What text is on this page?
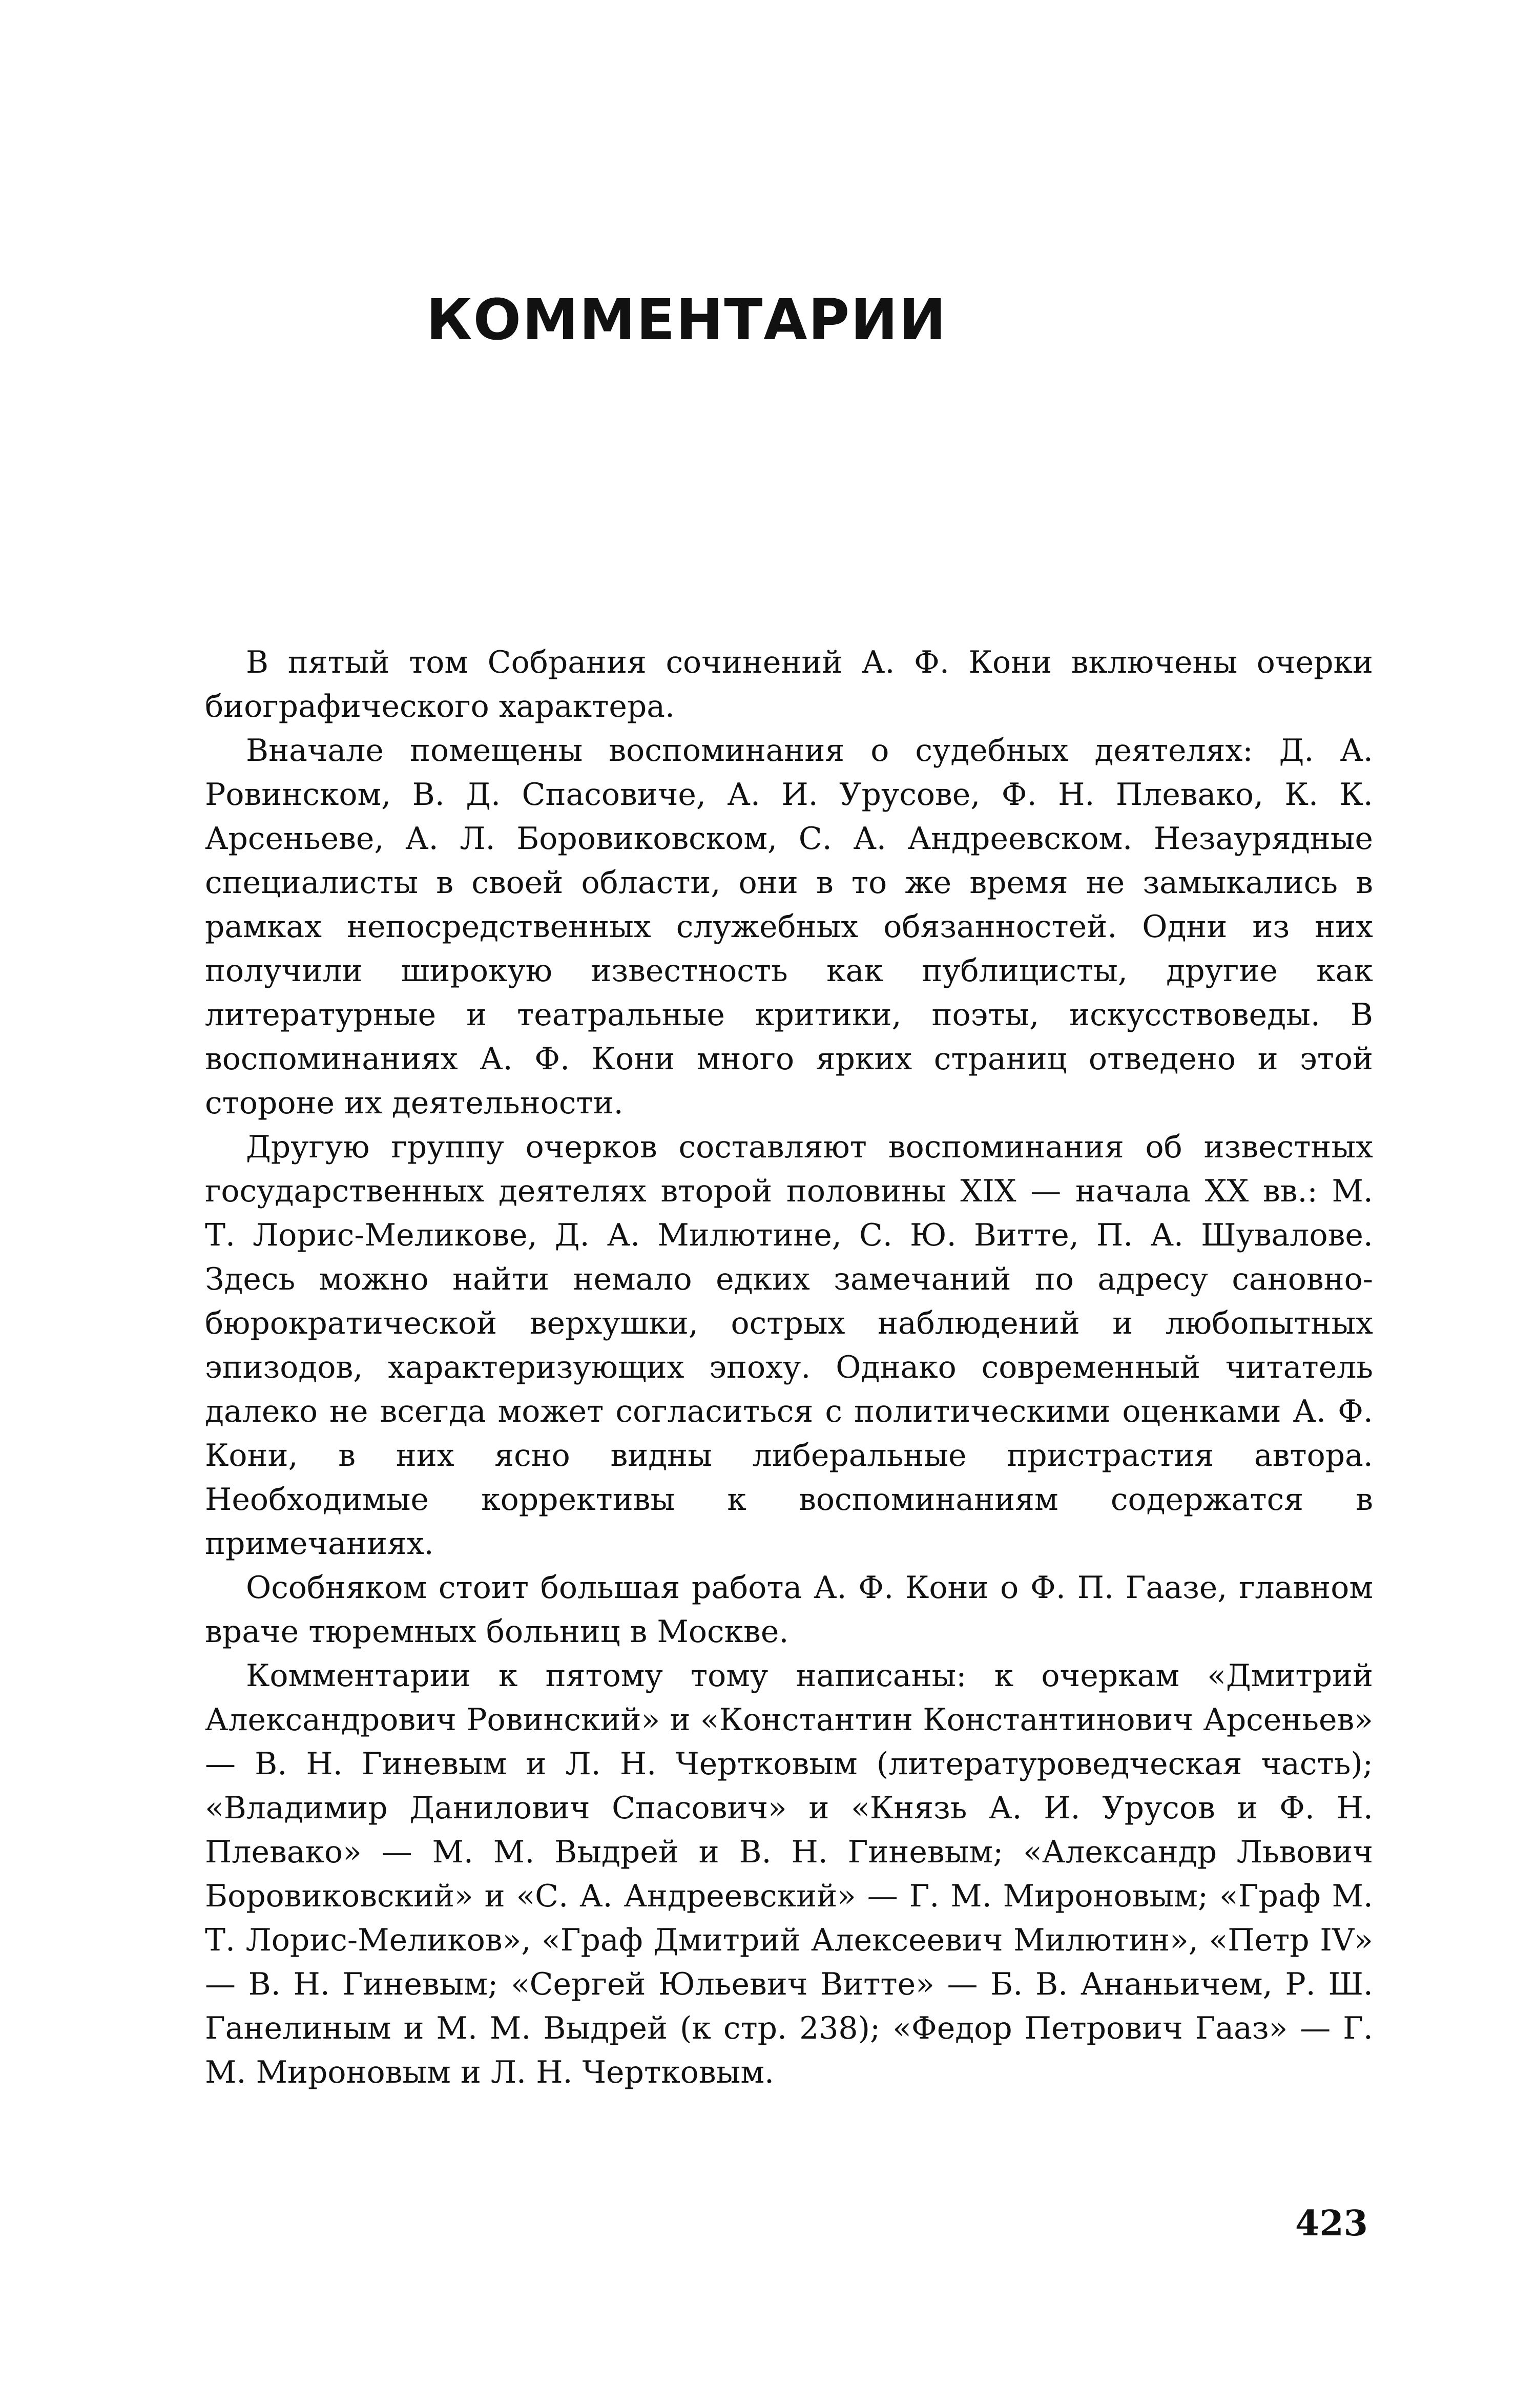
КОММЕНТАРИИ

В пятый том Собрания сочинений А. Ф. Кони включены очерки биографического характера.

Вначале помещены воспоминания о судебных деятелях: Д. А. Ровинском, В. Д. Спасовиче, А. И. Урусове, Ф. Н. Плевако, К. К. Арсеньеве, А. Л. Боровиковском, С. А. Андреевском. Незаурядные специалисты в своей области, они в то же время не замыкались в рамках непосредственных служебных обязанностей. Одни из них получили широкую известность как публицисты, другие как литературные и театральные критики, поэты, искусствоведы. В воспоминаниях А. Ф. Кони много ярких страниц отведено и этой стороне их деятельности.

Другую группу очерков составляют воспоминания об известных государственных деятелях второй половины XIX — начала XX вв.: М. Т. Лорис-Меликове, Д. А. Милютине, С. Ю. Витте, П. А. Шувалове. Здесь можно найти немало едких замечаний по адресу сановно-бюрократической верхушки, острых наблюдений и любопытных эпизодов, характеризующих эпоху. Однако современный читатель далеко не всегда может согласиться с политическими оценками А. Ф. Кони, в них ясно видны либеральные пристрастия автора. Необходимые коррективы к воспоминаниям содержатся в примечаниях.

Особняком стоит большая работа А. Ф. Кони о Ф. П. Гаазе, главном враче тюремных больниц в Москве.

Комментарии к пятому тому написаны: к очеркам «Дмитрий Александрович Ровинский» и «Константин Константинович Арсеньев» — В. Н. Гиневым и Л. Н. Чертковым (литературоведческая часть); «Владимир Данилович Спасович» и «Князь А. И. Урусов и Ф. Н. Плевако» — М. М. Выдрей и В. Н. Гиневым; «Александр Львович Боровиковский» и «С. А. Андреевский» — Г. М. Мироновым; «Граф М. Т. Лорис-Меликов», «Граф Дмитрий Алексеевич Милютин», «Петр IV» — В. Н. Гиневым; «Сергей Юльевич Витте» — Б. В. Ананьичем, Р. Ш. Ганелиным и М. М. Выдрей (к стр. 238); «Федор Петрович Гааз» — Г. М. Мироновым и Л. Н. Чертковым.

423
